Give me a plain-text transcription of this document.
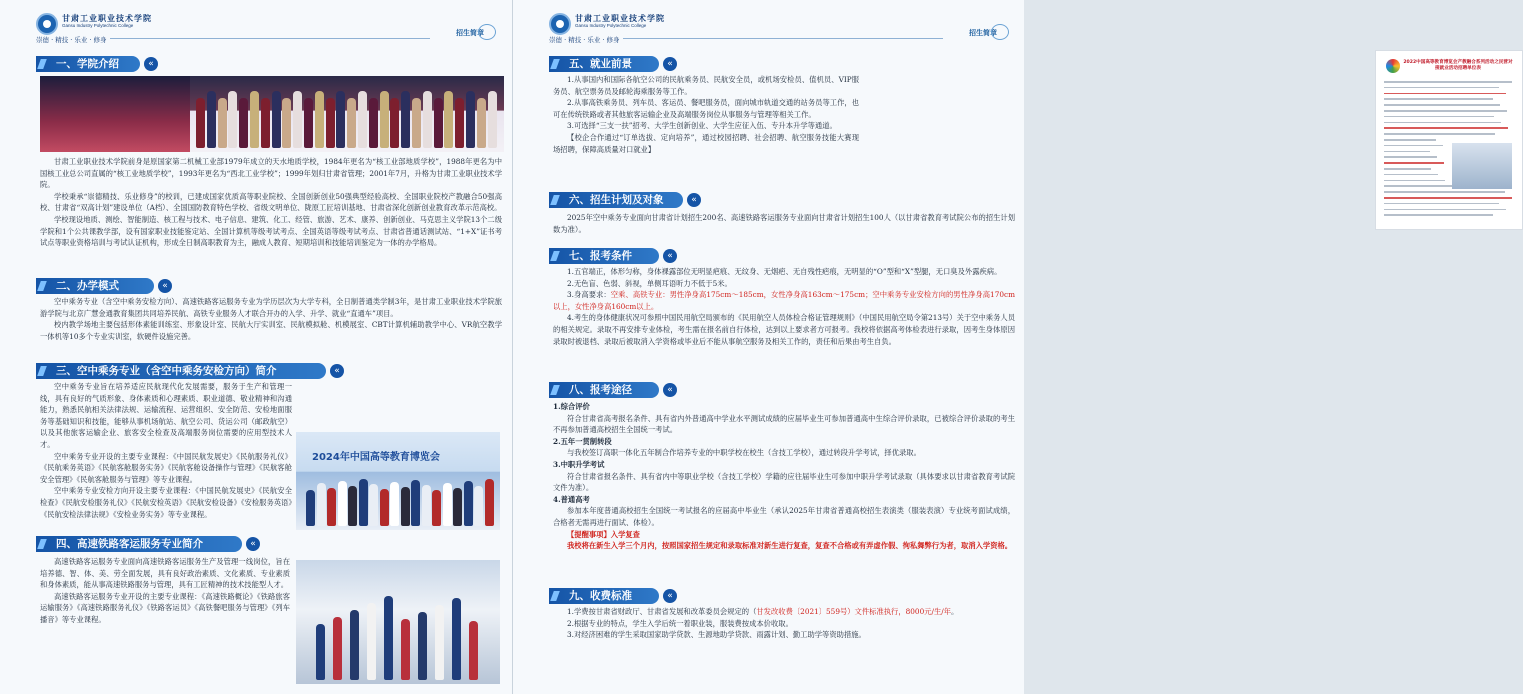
甘肃工业职业技术学院
Gansu Industry Polytechnic College
崇德 · 精技 · 乐业 · 修身
招生简章
一、学院介绍	«

甘肃工业职业技术学院前身是原国家第二机械工业部1979年成立的天水地质学校，1984年更名为“核工业部地质学校”，1988年更名为中国核工业总公司直属的“核工业地质学校”，1993年更名为“西北工业学校”；1999年划归甘肃省管理；2001年7月，升格为甘肃工业职业技术学院。

学校秉承“崇德精技、乐业修身”的校训，已建成国家优质高等职业院校、全国创新创业50强典型经验高校、全国职业院校产教融合50强高校、甘肃省“双高计划”建设单位（A档）、全国国防教育特色学校、省级文明单位、陇原工匠培训基地、甘肃省深化创新创业教育改革示范高校。

学校现设地质、测绘、智能制造、核工程与技术、电子信息、建筑、化工、经管、旅游、艺术、康养、创新创业、马克思主义学院13个二级学院和1个公共课教学部，设有国家职业技能鉴定站、全国计算机等级考试考点、全国英语等级考试考点、甘肃省普通话测试站、“1+X”证书考试点等职业资格培训与考试认证机构，形成全日制高职教育为主，融成人教育、短期培训和技能培训鉴定为一体的办学格局。

二、办学模式	«

空中乘务专业（含空中乘务安检方向）、高速铁路客运服务专业为学历层次为大学专科，全日制普通类学制3年，是甘肃工业职业技术学院旅游学院与北京广慧金通教育集团共同培养民航、高铁专业服务人才联合开办的入学、升学、就业“直通车”项目。

校内教学场地主要包括形体素能训练室、形象设计室、民航大厅实训室、民航模拟舱、机模展室、CBT计算机辅助教学中心、VR航空教学一体机等10多个专业实训室，软硬件设施完善。

三、空中乘务专业（含空中乘务安检方向）简介	«

空中乘务专业旨在培养适应民航现代化发展需要，服务于生产和管理一线，具有良好的气质形象、身体素质和心理素质、职业道德、敬业精神和沟通能力，熟悉民航相关法律法规、运输流程、运营组织、安全防范、安检地面服务等基础知识和技能，能够从事机场航站、航空公司、货运公司（邮政航空）以及其他旅客运输企业、旅客安全检查及高端服务岗位需要的应用型技术人才。

空中乘务专业开设的主要专业课程：《中国民航发展史》《民航服务礼仪》《民航乘务英语》《民航客舱服务实务》《民航客舱设备操作与管理》《民航客舱安全管理》《民航客舱服务与管理》等专业课程。

空中乘务专业安检方向开设主要专业课程：《中国民航发展史》《民航安全检查》《民航安检服务礼仪》《民航安检英语》《民航安检设备》《安检服务英语》《民航安检法律法规》《安检业务实务》等专业课程。

2024年中国高等教育博览会
四、高速铁路客运服务专业简介	«

高速铁路客运服务专业面向高速铁路客运服务生产及管理一线岗位，旨在培养德、智、体、美、劳全面发展，具有良好政治素质、文化素质、专业素质和身体素质，能从事高速铁路服务与管理，具有工匠精神的技术技能型人才。

高速铁路客运服务专业开设的主要专业课程：《高速铁路概论》《铁路旅客运输服务》《高速铁路服务礼仪》《铁路客运员》《高铁餐吧服务与管理》《列车播音》等专业课程。

甘肃工业职业技术学院
Gansu Industry Polytechnic College
崇德 · 精技 · 乐业 · 修身
招生简章
五、就业前景	«

1.从事国内和国际各航空公司的民航乘务员、民航安全员，或机场安检员、值机员、VIP服务员、航空票务员及邮轮海乘服务等工作。

2.从事高铁乘务员、列车员、客运员、餐吧服务员，面向城市轨道交通的站务员等工作，也可在传统铁路或者其他旅客运输企业及高端服务岗位从事服务与管理等相关工作。

3.可选择“三支一扶”招考、大学生创新创业、大学生应征入伍、专升本升学等通道。

【校企合作通过“订单选拔、定向培养”，通过校园招聘、社会招聘、航空服务技能大赛现场招聘，保障高质量对口就业】

2022中国高等教育博览会产教融合系列活动之民营对接就业活动招聘单位表
六、招生计划及对象	«

2025年空中乘务专业面向甘肃省计划招生200名、高速铁路客运服务专业面向甘肃省计划招生100人（以甘肃省教育考试院公布的招生计划数为准）。

七、报考条件	«

1.五官端正，体形匀称，身体裸露部位无明显疤痕、无纹身、无烟疤、无自残性疤痕，无明显的“O”型和“X”型腿，无口臭及外露疾病。

2.无色盲、色弱、斜视，单侧耳语听力不低于5米。

3.身高要求：空乘、高铁专业：男性净身高175cm～185cm，女性净身高163cm～175cm；空中乘务专业安检方向的男性净身高170cm以上，女性净身高160cm以上。

4.考生的身体健康状况可参照中国民用航空局颁布的《民用航空人员体检合格证管理规则》（中国民用航空局令第213号）关于空中乘务人员的相关规定。录取不再安排专业体检，考生需在报名前自行体检，达到以上要求者方可报考。我校将依据高考体检表进行录取，因考生身体原因录取时被退档、录取后被取消入学资格或毕业后不能从事航空服务及相关工作的，责任和后果由考生自负。

八、报考途径	«

1.综合评价

符合甘肃省高考报名条件、具有省内外普通高中学业水平测试成绩的应届毕业生可参加普通高中生综合评价录取，已被综合评价录取的考生不再参加普通高校招生全国统一考试。

2.五年一贯制转段

与我校签订高职一体化五年制合作培养专业的中职学校在校生（含技工学校），通过转段升学考试，择优录取。

3.中职升学考试

符合甘肃省报名条件、具有省内中等职业学校（含技工学校）学籍的应往届毕业生可参加中职升学考试录取（具体要求以甘肃省教育考试院文件为准）。

4.普通高考

参加本年度普通高校招生全国统一考试报名的应届高中毕业生（承认2025年甘肃省普通高校招生表演类（服装表演）专业统考面试成绩，合格者无需再进行面试、体检）。

【提醒事项】入学复查

我校将在新生入学三个月内，按照国家招生规定和录取标准对新生进行复查，复查不合格或有弄虚作假、徇私舞弊行为者，取消入学资格。

九、收费标准	«

1.学费按甘肃省财政厅、甘肃省发展和改革委员会规定的（甘发改收费〔2021〕559号）文件标准执行，8000元/生/年。

2.根据专业的特点，学生入学后统一着职业装，服装费按成本价收取。

3.对经济困难的学生采取国家助学贷款、生源地助学贷款、雨露计划、勤工助学等资助措施。
